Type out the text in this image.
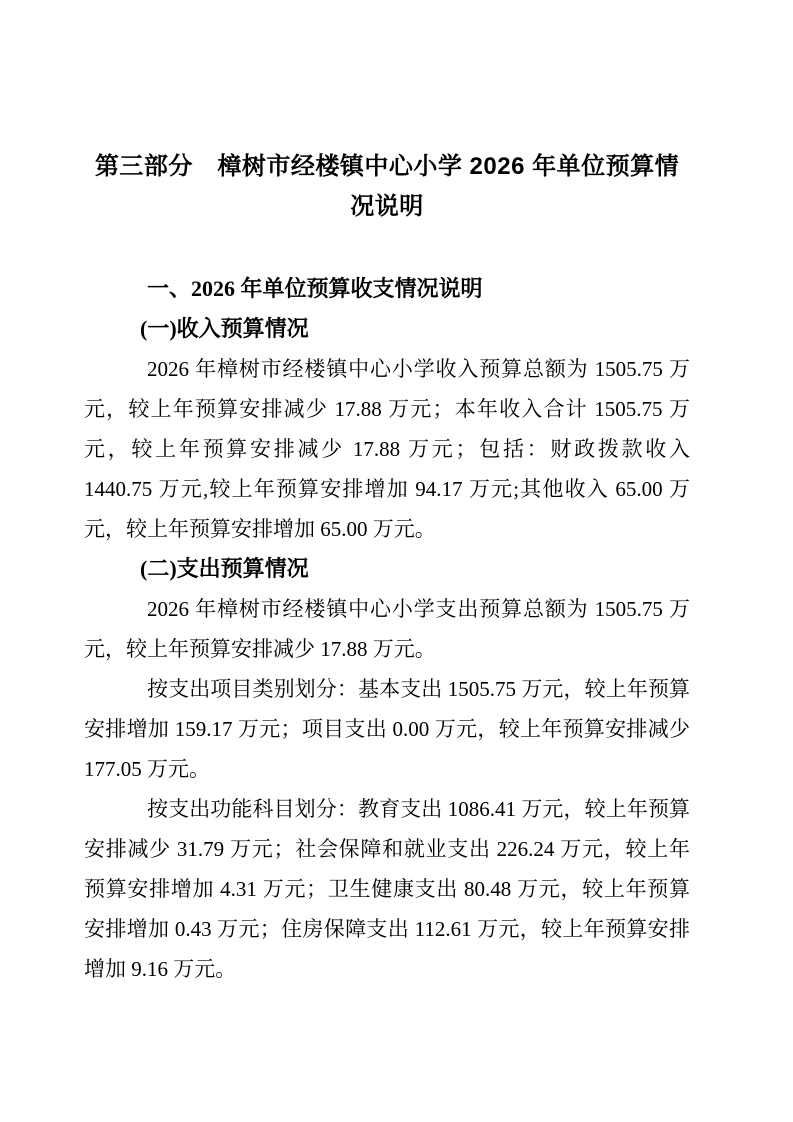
第三部分　樟树市经楼镇中心小学 2026 年单位预算情况说明
一、2026 年单位预算收支情况说明
(一)收入预算情况

2026 年樟树市经楼镇中心小学收入预算总额为 1505.75 万元，较上年预算安排减少 17.88 万元；本年收入合计 1505.75 万元，较上年预算安排减少 17.88 万元；包括：财政拨款收入 1440.75 万元,较上年预算安排增加 94.17 万元;其他收入 65.00 万元，较上年预算安排增加 65.00 万元。

(二)支出预算情况

2026 年樟树市经楼镇中心小学支出预算总额为 1505.75 万元，较上年预算安排减少 17.88 万元。

按支出项目类别划分：基本支出 1505.75 万元，较上年预算安排增加 159.17 万元；项目支出 0.00 万元，较上年预算安排减少 177.05 万元。

按支出功能科目划分：教育支出 1086.41 万元，较上年预算安排减少 31.79 万元；社会保障和就业支出 226.24 万元，较上年预算安排增加 4.31 万元；卫生健康支出 80.48 万元，较上年预算安排增加 0.43 万元；住房保障支出 112.61 万元，较上年预算安排增加 9.16 万元。
